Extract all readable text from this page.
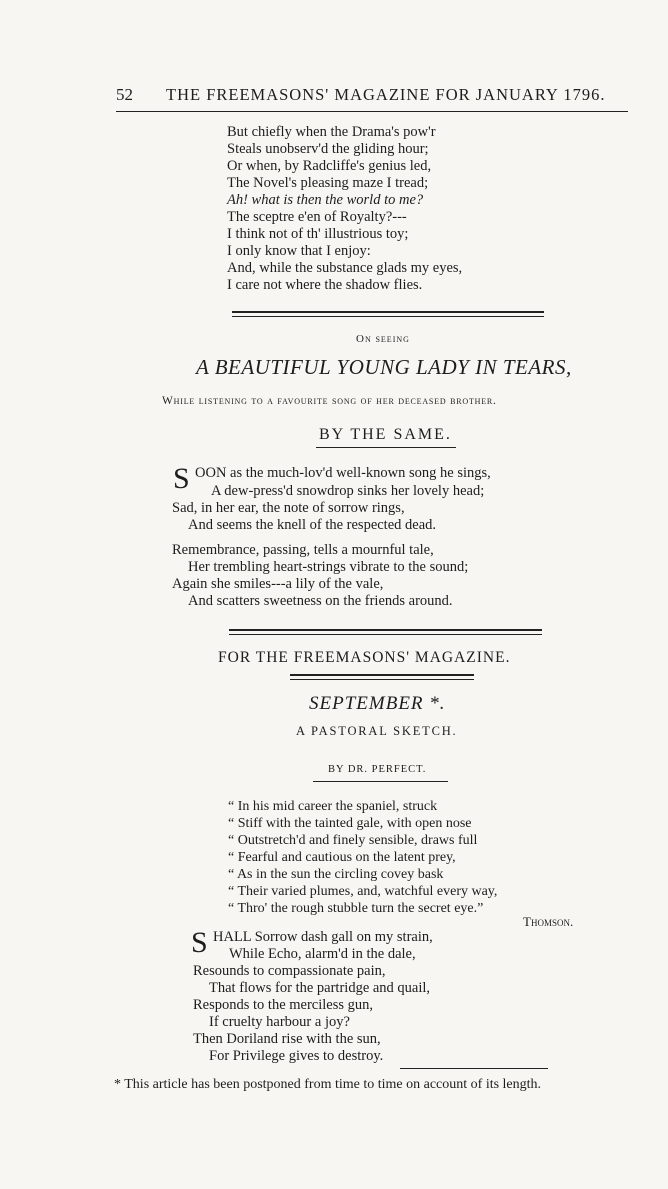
52 THE FREEMASONS' MAGAZINE FOR JANUARY 1796.
But chiefly when the Drama's pow'r
Steals unobserv'd the gliding hour;
Or when, by Radcliffe's genius led,
The Novel's pleasing maze I tread;
Ah! what is then the world to me?
The sceptre e'en of Royalty?---
I think not of th' illustrious toy;
I only know that I enjoy:
And, while the substance glads my eyes,
I care not where the shadow flies.
On seeing
A BEAUTIFUL YOUNG LADY IN TEARS,
While listening to a favourite song of her deceased brother.
BY THE SAME.
S OON as the much-lov'd well-known song he sings,
A dew-press'd snowdrop sinks her lovely head;
Sad, in her ear, the note of sorrow rings,
And seems the knell of the respected dead.
Remembrance, passing, tells a mournful tale,
Her trembling heart-strings vibrate to the sound;
Again she smiles---a lily of the vale,
And scatters sweetness on the friends around.
FOR THE FREEMASONS' MAGAZINE.
SEPTEMBER *.
A PASTORAL SKETCH.
BY DR. PERFECT.
“ In his mid career the spaniel, struck
“ Stiff with the tainted gale, with open nose
“ Outstretch'd and finely sensible, draws full
“ Fearful and cautious on the latent prey,
“ As in the sun the circling covey bask
“ Their varied plumes, and, watchful every way,
“ Thro' the rough stubble turn the secret eye.”
Thomson.
S HALL Sorrow dash gall on my strain,
While Echo, alarm'd in the dale,
Resounds to compassionate pain,
That flows for the partridge and quail,
Responds to the merciless gun,
If cruelty harbour a joy?
Then Doriland rise with the sun,
For Privilege gives to destroy.
* This article has been postponed from time to time on account of its length.
